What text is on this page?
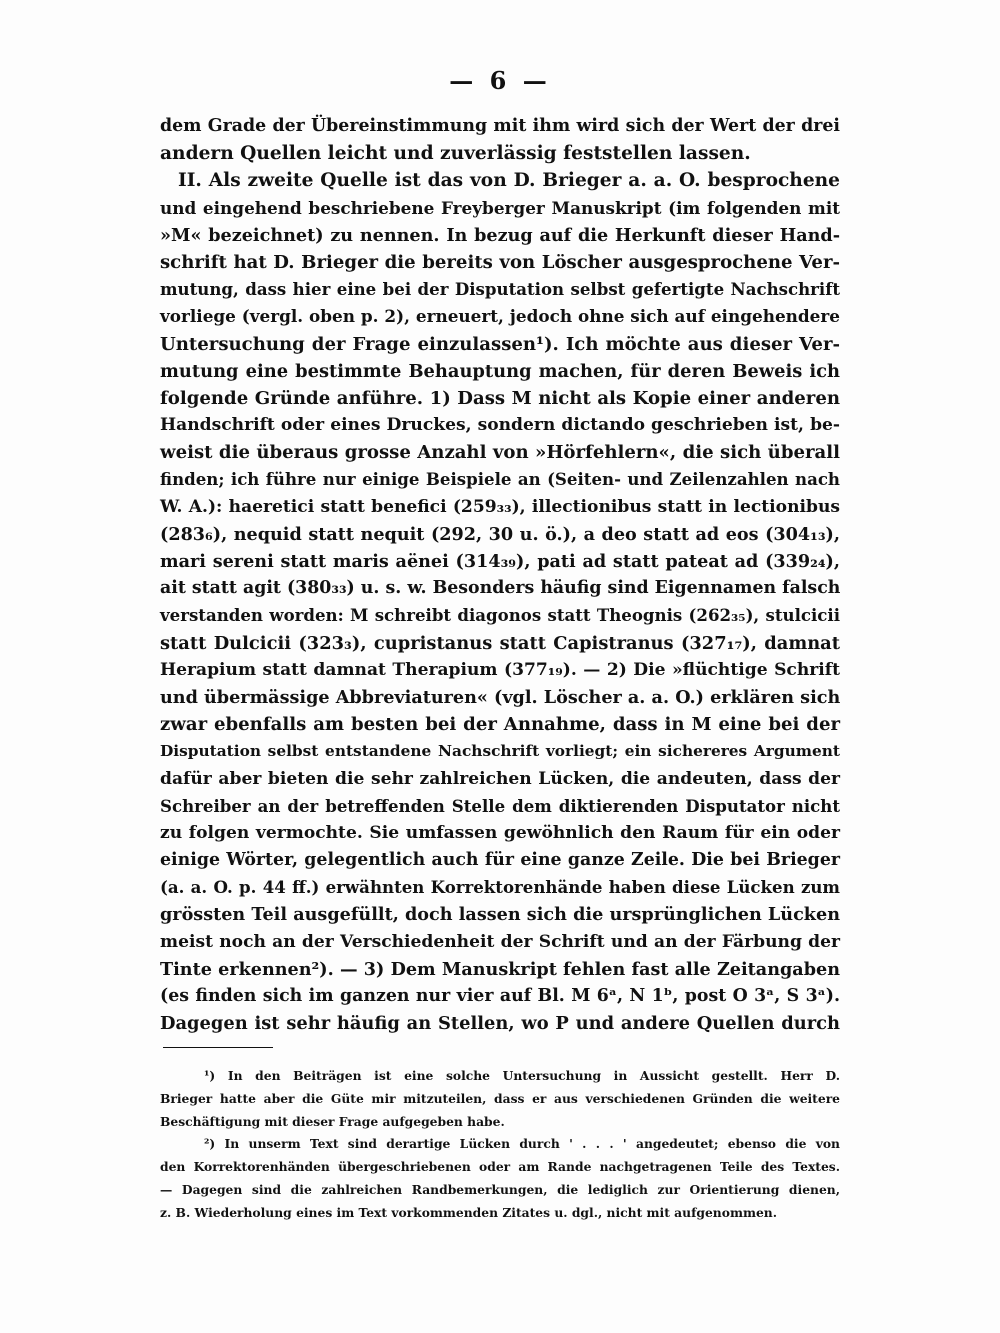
— 6 —
dem Grade der Übereinstimmung mit ihm wird sich der Wert der drei
andern Quellen leicht und zuverlässig feststellen lassen.
II. Als zweite Quelle ist das von D. Brieger a. a. O. besprochene
und eingehend beschriebene Freyberger Manuskript (im folgenden mit
»M« bezeichnet) zu nennen. In bezug auf die Herkunft dieser Hand-
schrift hat D. Brieger die bereits von Löscher ausgesprochene Ver-
mutung, dass hier eine bei der Disputation selbst gefertigte Nachschrift
vorliege (vergl. oben p. 2), erneuert, jedoch ohne sich auf eingehendere
Untersuchung der Frage einzulassen¹). Ich möchte aus dieser Ver-
mutung eine bestimmte Behauptung machen, für deren Beweis ich
folgende Gründe anführe. 1) Dass M nicht als Kopie einer anderen
Handschrift oder eines Druckes, sondern dictando geschrieben ist, be-
weist die überaus grosse Anzahl von »Hörfehlern«, die sich überall
finden; ich führe nur einige Beispiele an (Seiten- und Zeilenzahlen nach
W. A.): haeretici statt benefici (259₃₃), illectionibus statt in lectionibus
(283₆), nequid statt nequit (292, 30 u. ö.), a deo statt ad eos (304₁₃),
mari sereni statt maris aënei (314₃₉), pati ad statt pateat ad (339₂₄),
ait statt agit (380₃₃) u. s. w. Besonders häufig sind Eigennamen falsch
verstanden worden: M schreibt diagonos statt Theognis (262₃₅), stulcicii
statt Dulcicii (323₃), cupristanus statt Capistranus (327₁₇), damnat
Herapium statt damnat Therapium (377₁₉). — 2) Die »flüchtige Schrift
und übermässige Abbreviaturen« (vgl. Löscher a. a. O.) erklären sich
zwar ebenfalls am besten bei der Annahme, dass in M eine bei der
Disputation selbst entstandene Nachschrift vorliegt; ein sichereres Argument
dafür aber bieten die sehr zahlreichen Lücken, die andeuten, dass der
Schreiber an der betreffenden Stelle dem diktierenden Disputator nicht
zu folgen vermochte. Sie umfassen gewöhnlich den Raum für ein oder
einige Wörter, gelegentlich auch für eine ganze Zeile. Die bei Brieger
(a. a. O. p. 44 ff.) erwähnten Korrektorenhände haben diese Lücken zum
grössten Teil ausgefüllt, doch lassen sich die ursprünglichen Lücken
meist noch an der Verschiedenheit der Schrift und an der Färbung der
Tinte erkennen²). — 3) Dem Manuskript fehlen fast alle Zeitangaben
(es finden sich im ganzen nur vier auf Bl. M 6ᵃ, N 1ᵇ, post O 3ᵃ, S 3ᵃ).
Dagegen ist sehr häufig an Stellen, wo P und andere Quellen durch
¹) In den Beiträgen ist eine solche Untersuchung in Aussicht gestellt. Herr D.
Brieger hatte aber die Güte mir mitzuteilen, dass er aus verschiedenen Gründen die weitere
Beschäftigung mit dieser Frage aufgegeben habe.
²) In unserm Text sind derartige Lücken durch ' . . . ' angedeutet; ebenso die von
den Korrektorenhänden übergeschriebenen oder am Rande nachgetragenen Teile des Textes.
— Dagegen sind die zahlreichen Randbemerkungen, die lediglich zur Orientierung dienen,
z. B. Wiederholung eines im Text vorkommenden Zitates u. dgl., nicht mit aufgenommen.
